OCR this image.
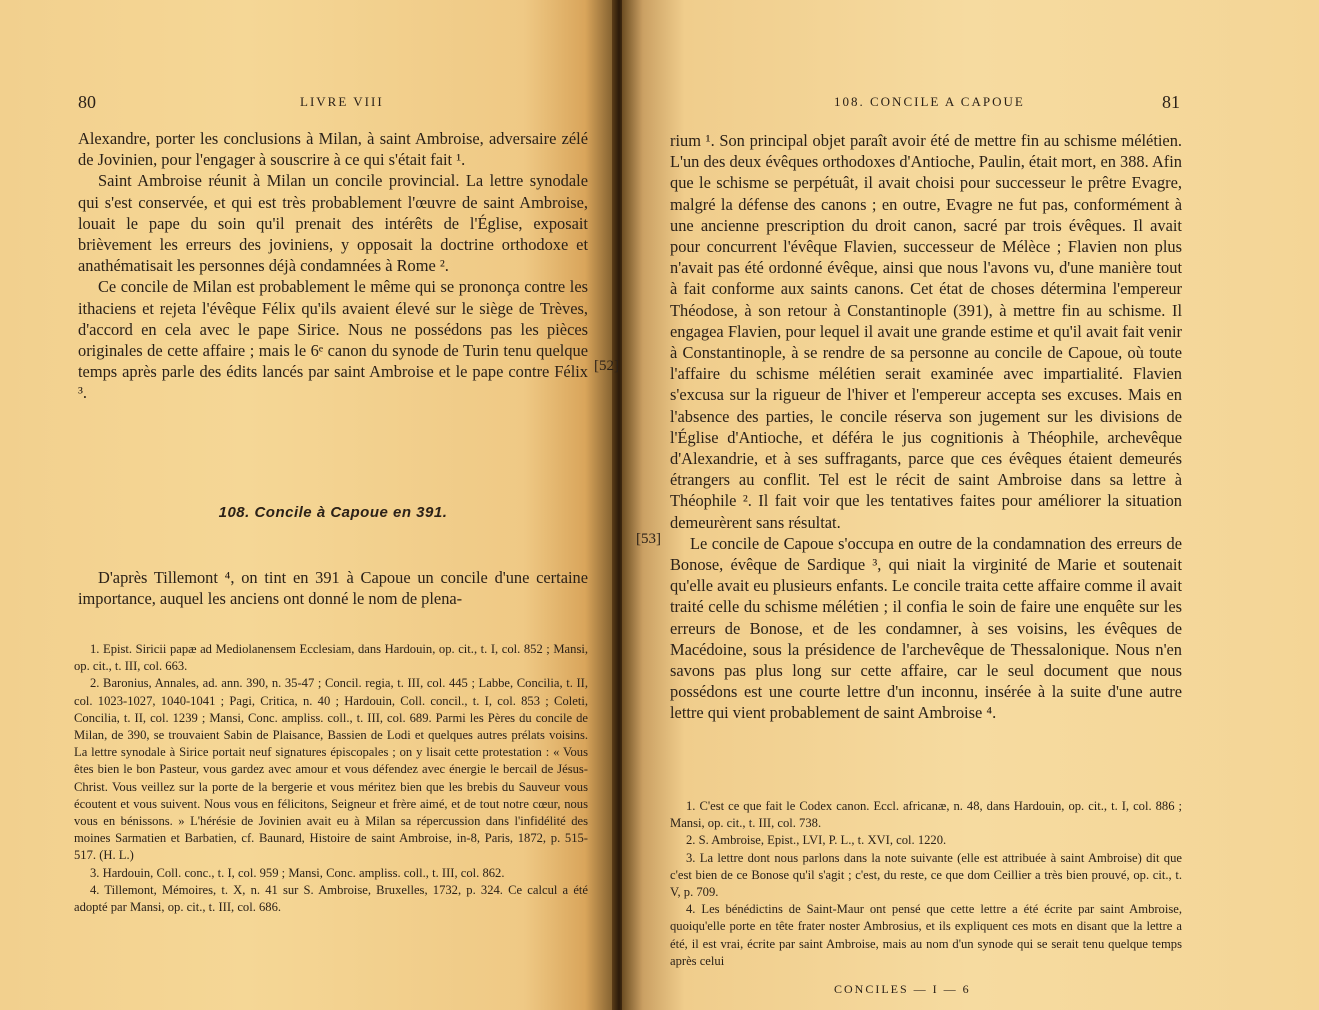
80	LIVRE VIII

Alexandre, porter les conclusions à Milan, à saint Ambroise, adversaire zélé de Jovinien, pour l'engager à souscrire à ce qui s'était fait ¹.

Saint Ambroise réunit à Milan un concile provincial. La lettre synodale qui s'est conservée, et qui est très probablement l'œuvre de saint Ambroise, louait le pape du soin qu'il prenait des intérêts de l'Église, exposait brièvement les erreurs des joviniens, y opposait la doctrine orthodoxe et anathématisait les personnes déjà condamnées à Rome ².

Ce concile de Milan est probablement le même qui se prononça contre les ithaciens et rejeta l'évêque Félix qu'ils avaient élevé sur le siège de Trèves, d'accord en cela avec le pape Sirice. Nous ne possédons pas les pièces originales de cette affaire ; mais le 6ᵉ canon du synode de Turin tenu quelque temps après parle des édits lancés par saint Ambroise et le pape contre Félix ³.

108. Concile à Capoue en 391.

D'après Tillemont ⁴, on tint en 391 à Capoue un concile d'une certaine importance, auquel les anciens ont donné le nom de plena-

1. Epist. Siricii papæ ad Mediolanensem Ecclesiam, dans Hardouin, op. cit., t. I, col. 852 ; Mansi, op. cit., t. III, col. 663.

2. Baronius, Annales, ad. ann. 390, n. 35-47 ; Concil. regia, t. III, col. 445 ; Labbe, Concilia, t. II, col. 1023-1027, 1040-1041 ; Pagi, Critica, n. 40 ; Hardouin, Coll. concil., t. I, col. 853 ; Coleti, Concilia, t. II, col. 1239 ; Mansi, Conc. ampliss. coll., t. III, col. 689. Parmi les Pères du concile de Milan, de 390, se trouvaient Sabin de Plaisance, Bassien de Lodi et quelques autres prélats voisins. La lettre synodale à Sirice portait neuf signatures épiscopales ; on y lisait cette protestation : « Vous êtes bien le bon Pasteur, vous gardez avec amour et vous défendez avec énergie le bercail de Jésus-Christ. Vous veillez sur la porte de la bergerie et vous méritez bien que les brebis du Sauveur vous écoutent et vous suivent. Nous vous en félicitons, Seigneur et frère aimé, et de tout notre cœur, nous vous en bénissons. » L'hérésie de Jovinien avait eu à Milan sa répercussion dans l'infidélité des moines Sarmatien et Barbatien, cf. Baunard, Histoire de saint Ambroise, in-8, Paris, 1872, p. 515-517. (H. L.)

3. Hardouin, Coll. conc., t. I, col. 959 ; Mansi, Conc. ampliss. coll., t. III, col. 862.

4. Tillemont, Mémoires, t. X, n. 41 sur S. Ambroise, Bruxelles, 1732, p. 324. Ce calcul a été adopté par Mansi, op. cit., t. III, col. 686.

108. CONCILE A CAPOUE	81
[52]
[53]

rium ¹. Son principal objet paraît avoir été de mettre fin au schisme mélétien. L'un des deux évêques orthodoxes d'Antioche, Paulin, était mort, en 388. Afin que le schisme se perpétuât, il avait choisi pour successeur le prêtre Evagre, malgré la défense des canons ; en outre, Evagre ne fut pas, conformément à une ancienne prescription du droit canon, sacré par trois évêques. Il avait pour concurrent l'évêque Flavien, successeur de Mélèce ; Flavien non plus n'avait pas été ordonné évêque, ainsi que nous l'avons vu, d'une manière tout à fait conforme aux saints canons. Cet état de choses détermina l'empereur Théodose, à son retour à Constantinople (391), à mettre fin au schisme. Il engagea Flavien, pour lequel il avait une grande estime et qu'il avait fait venir à Constantinople, à se rendre de sa personne au concile de Capoue, où toute l'affaire du schisme mélétien serait examinée avec impartialité. Flavien s'excusa sur la rigueur de l'hiver et l'empereur accepta ses excuses. Mais en l'absence des parties, le concile réserva son jugement sur les divisions de l'Église d'Antioche, et déféra le jus cognitionis à Théophile, archevêque d'Alexandrie, et à ses suffragants, parce que ces évêques étaient demeurés étrangers au conflit. Tel est le récit de saint Ambroise dans sa lettre à Théophile ². Il fait voir que les tentatives faites pour améliorer la situation demeurèrent sans résultat.

Le concile de Capoue s'occupa en outre de la condamnation des erreurs de Bonose, évêque de Sardique ³, qui niait la virginité de Marie et soutenait qu'elle avait eu plusieurs enfants. Le concile traita cette affaire comme il avait traité celle du schisme mélétien ; il confia le soin de faire une enquête sur les erreurs de Bonose, et de les condamner, à ses voisins, les évêques de Macédoine, sous la présidence de l'archevêque de Thessalonique. Nous n'en savons pas plus long sur cette affaire, car le seul document que nous possédons est une courte lettre d'un inconnu, insérée à la suite d'une autre lettre qui vient probablement de saint Ambroise ⁴.

1. C'est ce que fait le Codex canon. Eccl. africanæ, n. 48, dans Hardouin, op. cit., t. I, col. 886 ; Mansi, op. cit., t. III, col. 738.

2. S. Ambroise, Epist., LVI, P. L., t. XVI, col. 1220.

3. La lettre dont nous parlons dans la note suivante (elle est attribuée à saint Ambroise) dit que c'est bien de ce Bonose qu'il s'agit ; c'est, du reste, ce que dom Ceillier a très bien prouvé, op. cit., t. V, p. 709.

4. Les bénédictins de Saint-Maur ont pensé que cette lettre a été écrite par saint Ambroise, quoiqu'elle porte en tête frater noster Ambrosius, et ils expliquent ces mots en disant que la lettre a été, il est vrai, écrite par saint Ambroise, mais au nom d'un synode qui se serait tenu quelque temps après celui

CONCILES — I — 6
